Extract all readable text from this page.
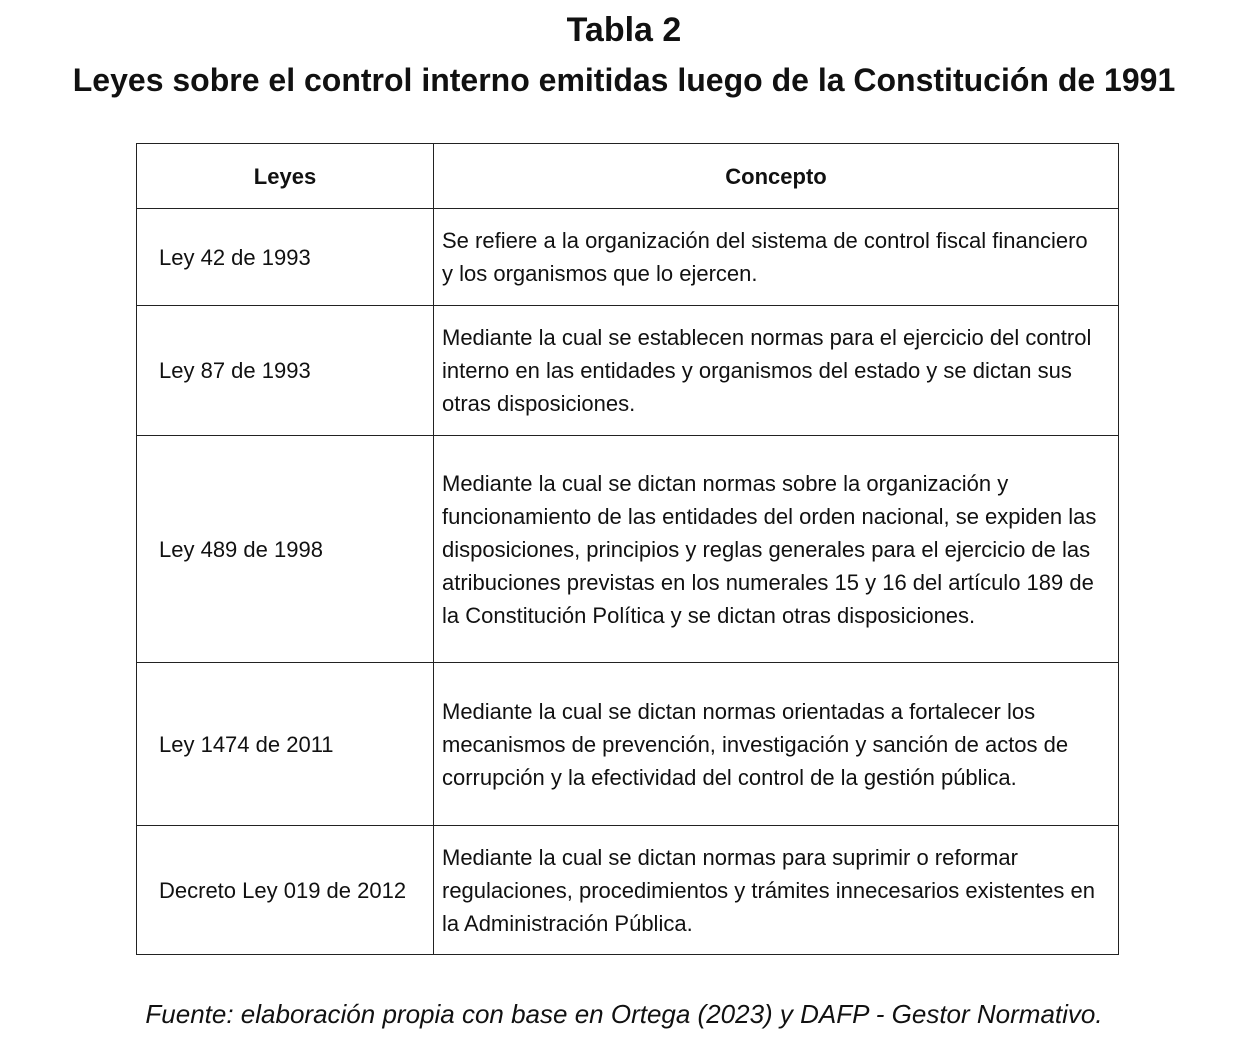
Tabla 2
Leyes sobre el control interno emitidas luego de la Constitución de 1991
Leyes	Concepto
Ley 42 de 1993	Se refiere a la organización del sistema de control fiscal financiero y los organismos que lo ejercen.
Ley 87 de 1993	Mediante la cual se establecen normas para el ejercicio del control interno en las entidades y organismos del estado y se dictan sus otras disposiciones.
Ley 489 de 1998	Mediante la cual se dictan normas sobre la organización y funcionamiento de las entidades del orden nacional, se expiden las disposiciones, principios y reglas generales para el ejercicio de las atribuciones previstas en los numerales 15 y 16 del artículo 189 de la Constitución Política y se dictan otras disposiciones.
Ley 1474 de 2011	Mediante la cual se dictan normas orientadas a fortalecer los mecanismos de prevención, investigación y sanción de actos de corrupción y la efectividad del control de la gestión pública.
Decreto Ley 019 de 2012	Mediante la cual se dictan normas para suprimir o reformar regulaciones, procedimientos y trámites innecesarios existentes en la Administración Pública.

Fuente: elaboración propia con base en Ortega (2023) y DAFP - Gestor Normativo.
